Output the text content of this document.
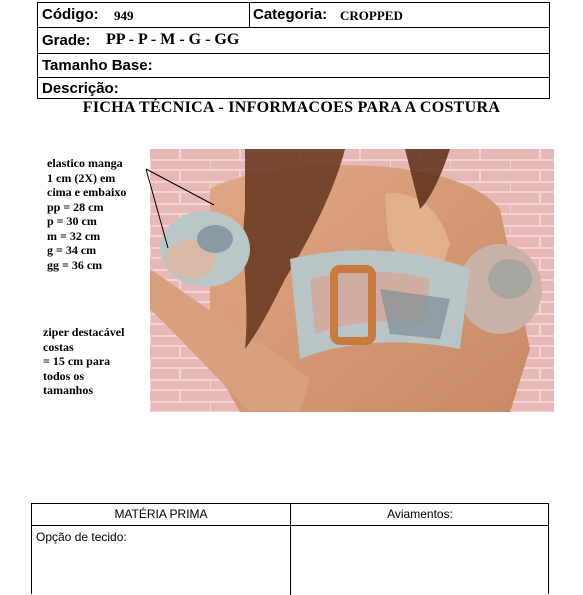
Código: 949	Categoria: CROPPED
Grade: PP - P - M - G - GG
Tamanho Base:
Descrição:
FICHA TÉCNICA - INFORMACOES PARA A COSTURA
elastico manga
1 cm (2X) em
cima e embaixo
pp = 28 cm
p = 30 cm
m = 32 cm
g = 34 cm
gg = 36 cm
ziper destacável
costas
= 15 cm para
todos os
tamanhos
MATÉRIA PRIMA	Aviamentos:
Opção de tecido:
